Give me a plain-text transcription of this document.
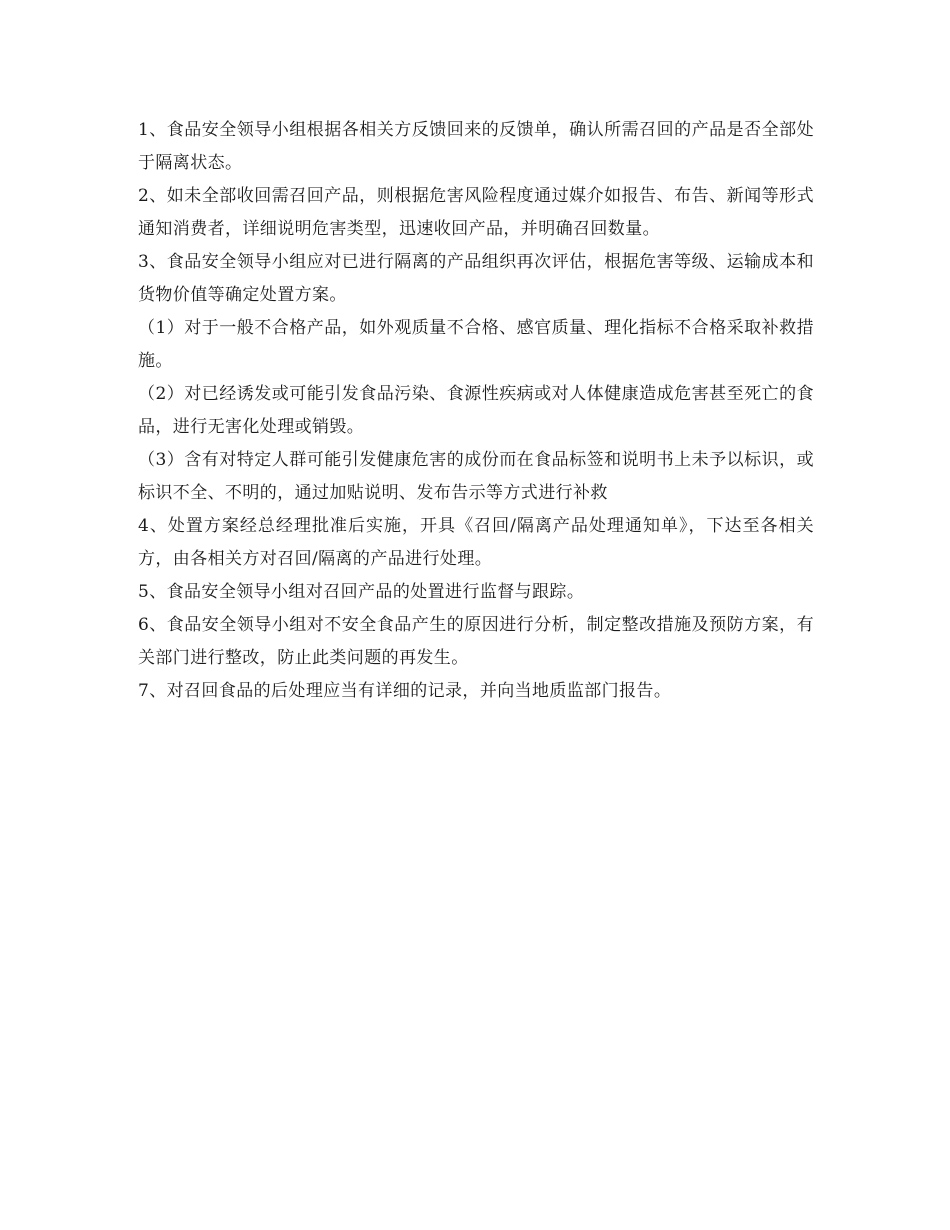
1、食品安全领导小组根据各相关方反馈回来的反馈单，确认所需召回的产品是否全部处于隔离状态。

2、如未全部收回需召回产品，则根据危害风险程度通过媒介如报告、布告、新闻等形式通知消费者，详细说明危害类型，迅速收回产品，并明确召回数量。

3、食品安全领导小组应对已进行隔离的产品组织再次评估，根据危害等级、运输成本和货物价值等确定处置方案。

（1）对于一般不合格产品，如外观质量不合格、感官质量、理化指标不合格采取补救措施。

（2）对已经诱发或可能引发食品污染、食源性疾病或对人体健康造成危害甚至死亡的食品，进行无害化处理或销毁。

（3）含有对特定人群可能引发健康危害的成份而在食品标签和说明书上未予以标识，或标识不全、不明的，通过加贴说明、发布告示等方式进行补救

4、处置方案经总经理批准后实施，开具《召回/隔离产品处理通知单》，下达至各相关方，由各相关方对召回/隔离的产品进行处理。

5、食品安全领导小组对召回产品的处置进行监督与跟踪。

6、食品安全领导小组对不安全食品产生的原因进行分析，制定整改措施及预防方案，有关部门进行整改，防止此类问题的再发生。

7、对召回食品的后处理应当有详细的记录，并向当地质监部门报告。
